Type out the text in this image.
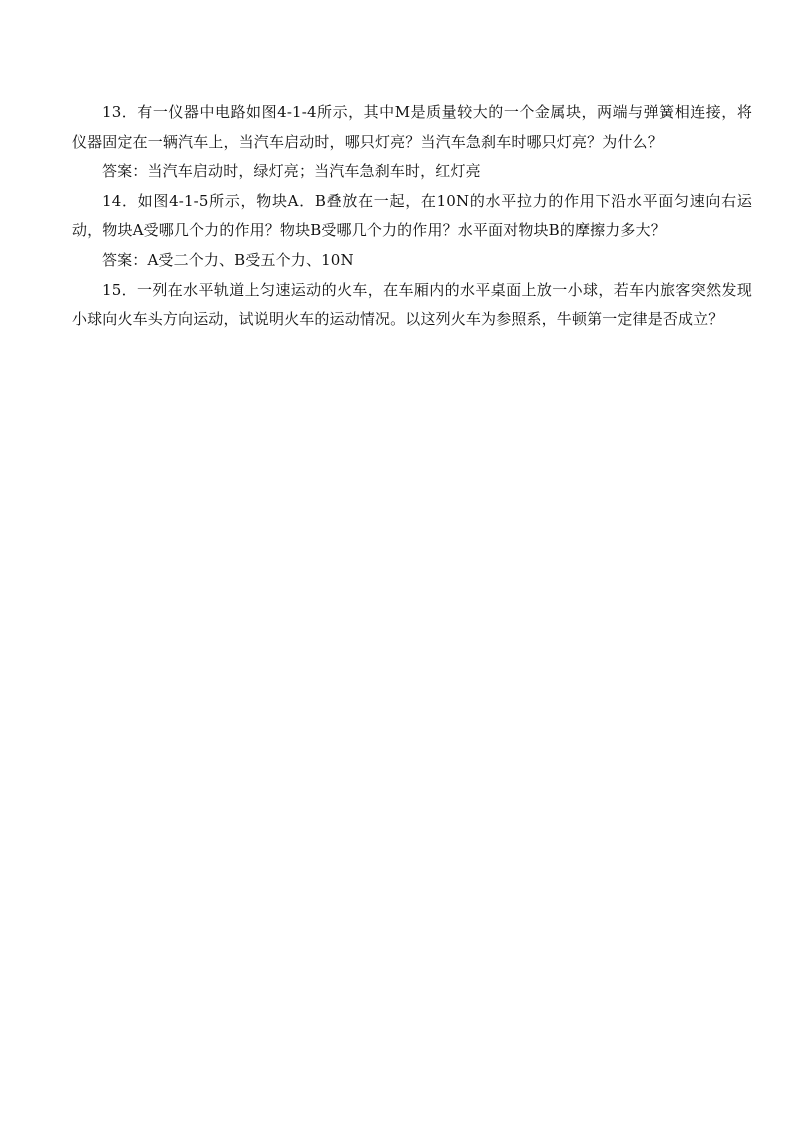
13．有一仪器中电路如图4-1-4所示，其中M是质量较大的一个金属块，两端与弹簧相连接，将仪器固定在一辆汽车上，当汽车启动时，哪只灯亮？当汽车急刹车时哪只灯亮？为什么？

答案：当汽车启动时，绿灯亮；当汽车急刹车时，红灯亮

14．如图4-1-5所示，物块A．B叠放在一起，在10N的水平拉力的作用下沿水平面匀速向右运动，物块A受哪几个力的作用？物块B受哪几个力的作用？水平面对物块B的摩擦力多大？

答案：A受二个力、B受五个力、10N

15．一列在水平轨道上匀速运动的火车，在车厢内的水平桌面上放一小球，若车内旅客突然发现小球向火车头方向运动，试说明火车的运动情况。以这列火车为参照系，牛顿第一定律是否成立？
